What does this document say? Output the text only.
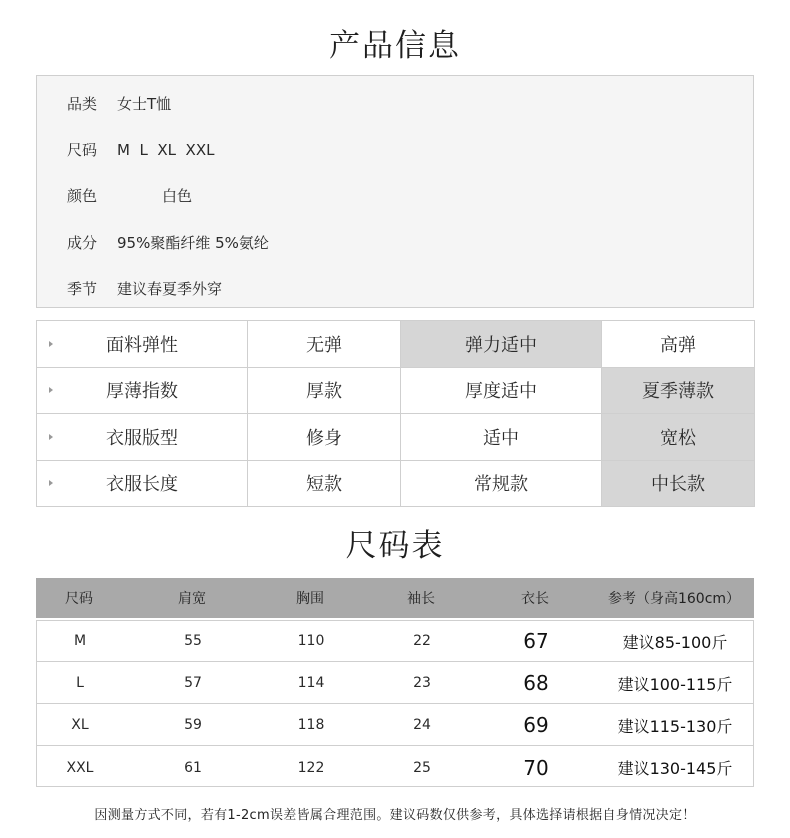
产品信息
品类 女士T恤
尺码 M  L  XL  XXL
颜色	白色
成分 95%聚酯纤维 5%氨纶
季节 建议春夏季外穿
面料弹性	无弹	弹力适中	高弹

厚薄指数	厚款	厚度适中	夏季薄款

衣服版型	修身	适中	宽松

衣服长度	短款	常规款	中长款
尺码表
尺码	肩宽	胸围	袖长	衣长	参考（身高160cm）
M	55	110	22	67	建议85-100斤
L	57	114	23	68	建议100-115斤
XL	59	118	24	69	建议115-130斤
XXL	61	122	25	70	建议130-145斤
因测量方式不同，若有1-2cm误差皆属合理范围。建议码数仅供参考，具体选择请根据自身情况决定！
